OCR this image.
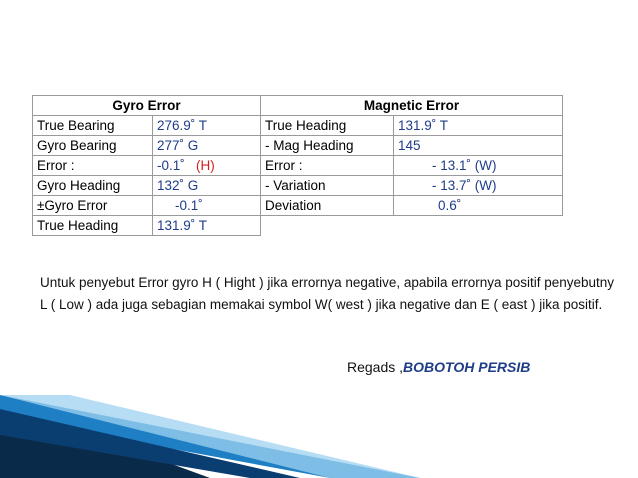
Gyro Error		Magnetic Error	
True Bearing	276.9˚ T	True Heading	131.9˚ T
Gyro Bearing	277˚ G	- Mag Heading	145
Error :	-0.1˚ (H)	Error :	- 13.1˚ (W)
Gyro Heading	132˚ G	- Variation	- 13.7˚ (W)
±Gyro Error	-0.1˚	Deviation	0.6˚
True Heading	131.9˚ T		

Untuk penyebut Error gyro H ( Hight ) jika errornya negative, apabila errornya positif penyebutny L ( Low ) ada juga sebagian memakai symbol W( west ) jika negative dan E ( east ) jika positif.

Regads ,BOBOTOH PERSIB
